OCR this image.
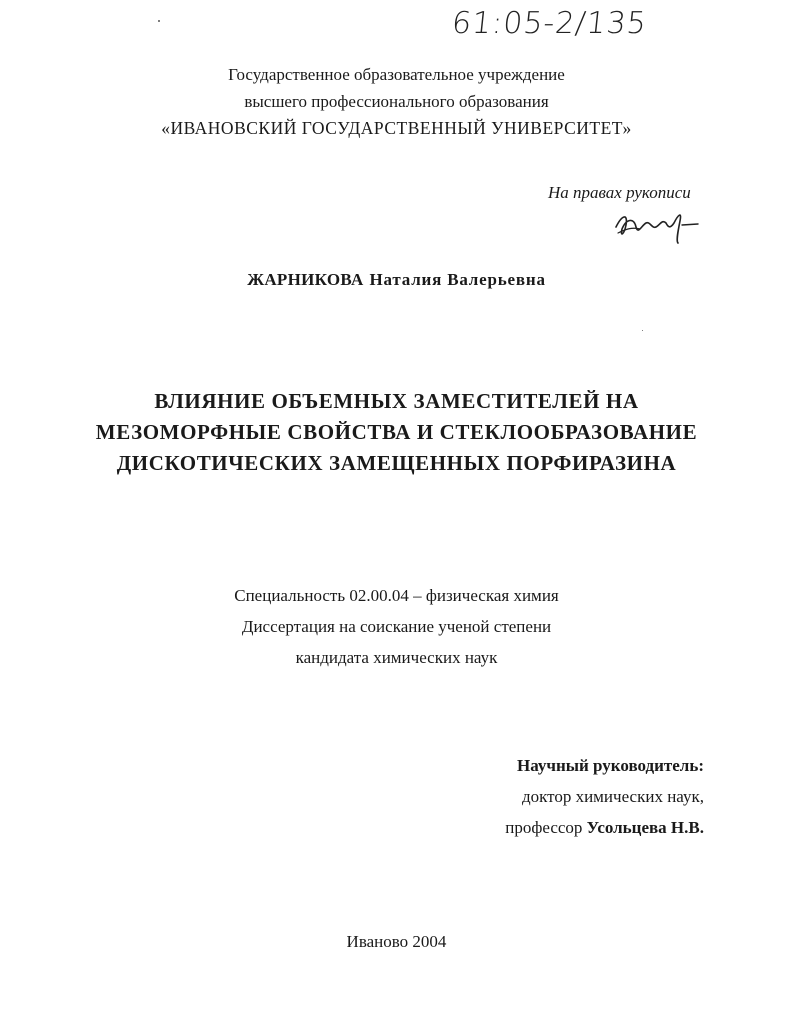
61:05-2/135
Государственное образовательное учреждение
высшего профессионального образования
«ИВАНОВСКИЙ ГОСУДАРСТВЕННЫЙ УНИВЕРСИТЕТ»
На правах рукописи
ЖАРНИКОВА Наталия Валерьевна
ВЛИЯНИЕ ОБЪЕМНЫХ ЗАМЕСТИТЕЛЕЙ НА
МЕЗОМОРФНЫЕ СВОЙСТВА И СТЕКЛООБРАЗОВАНИЕ
ДИСКОТИЧЕСКИХ ЗАМЕЩЕННЫХ ПОРФИРАЗИНА
Специальность 02.00.04 – физическая химия
Диссертация на соискание ученой степени
кандидата химических наук
Научный руководитель:
доктор химических наук,
профессор Усольцева Н.В.
Иваново 2004
